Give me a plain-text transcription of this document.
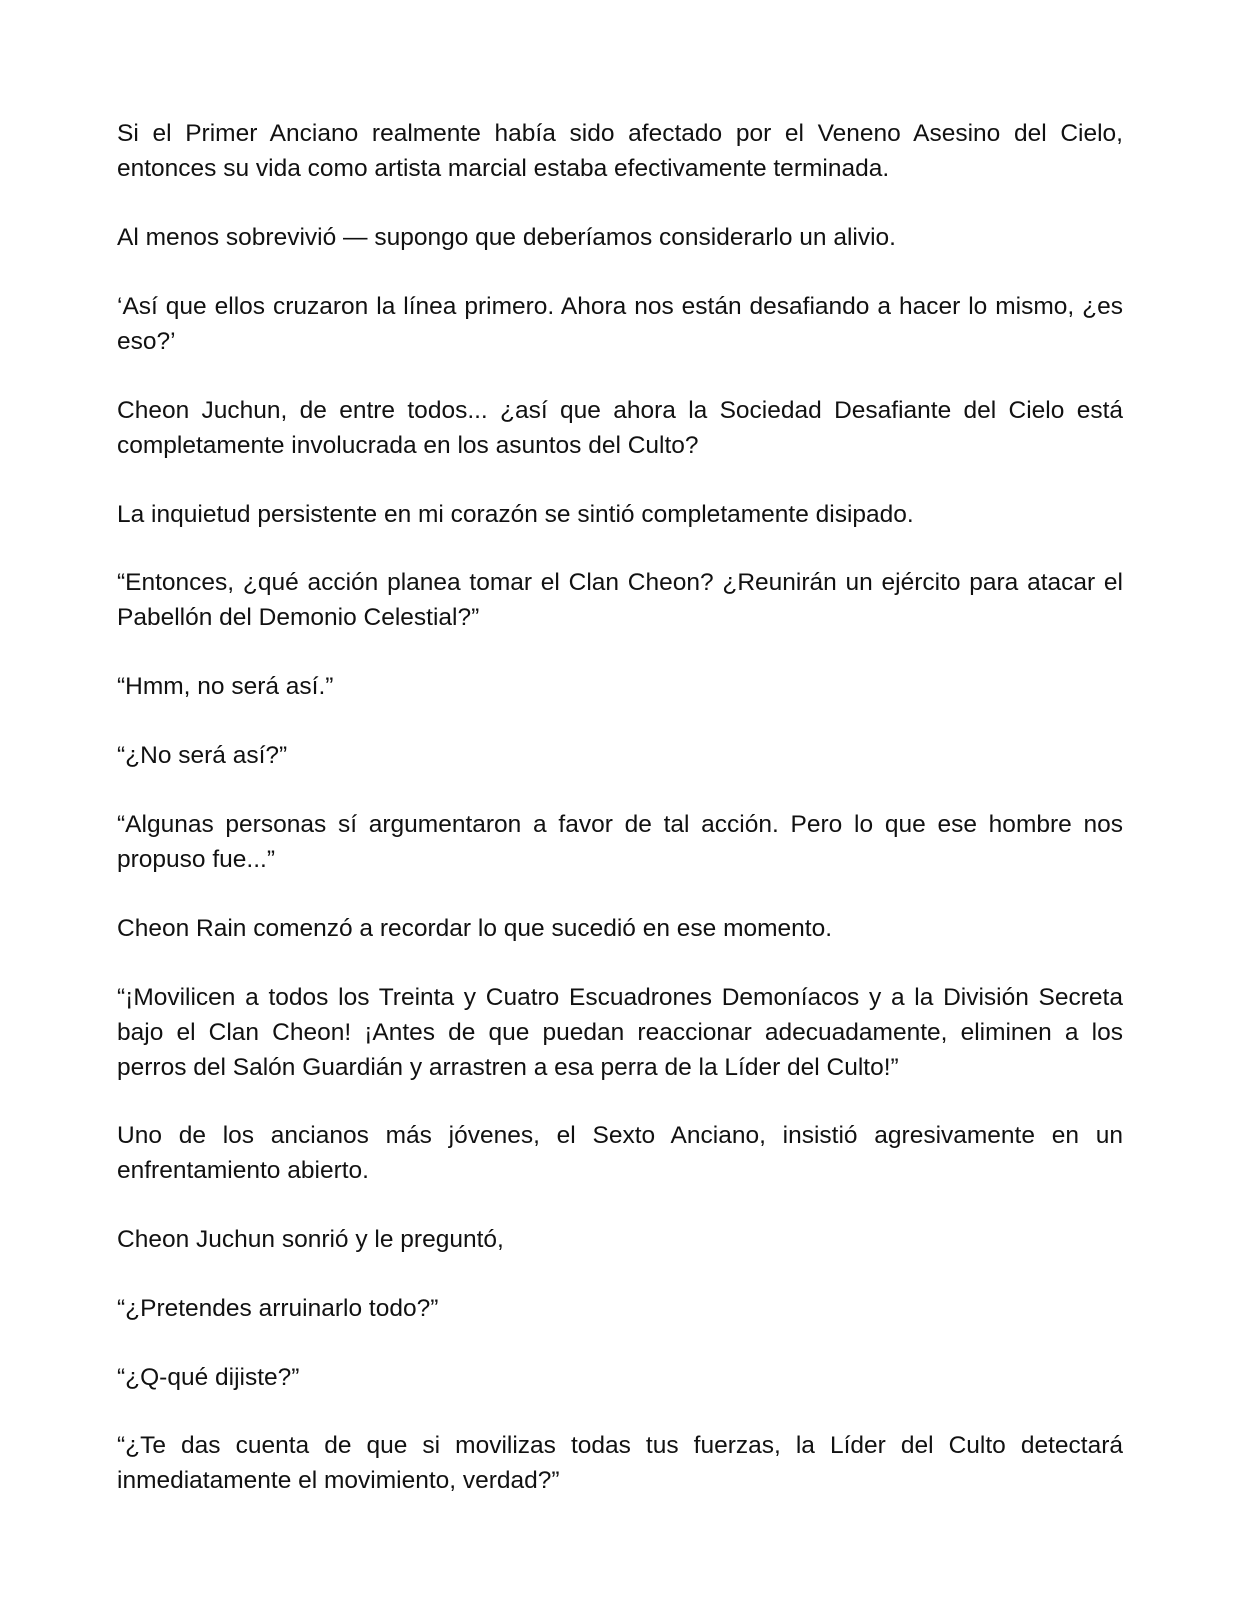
Si el Primer Anciano realmente había sido afectado por el Veneno Asesino del Cielo, entonces su vida como artista marcial estaba efectivamente terminada.

Al menos sobrevivió — supongo que deberíamos considerarlo un alivio.

‘Así que ellos cruzaron la línea primero. Ahora nos están desafiando a hacer lo mismo, ¿es eso?’

Cheon Juchun, de entre todos... ¿así que ahora la Sociedad Desafiante del Cielo está completamente involucrada en los asuntos del Culto?

La inquietud persistente en mi corazón se sintió completamente disipado.

“Entonces, ¿qué acción planea tomar el Clan Cheon? ¿Reunirán un ejército para atacar el Pabellón del Demonio Celestial?”

“Hmm, no será así.”

“¿No será así?”

“Algunas personas sí argumentaron a favor de tal acción. Pero lo que ese hombre nos propuso fue...”

Cheon Rain comenzó a recordar lo que sucedió en ese momento.

“¡Movilicen a todos los Treinta y Cuatro Escuadrones Demoníacos y a la División Secreta bajo el Clan Cheon! ¡Antes de que puedan reaccionar adecuadamente, eliminen a los perros del Salón Guardián y arrastren a esa perra de la Líder del Culto!”

Uno de los ancianos más jóvenes, el Sexto Anciano, insistió agresivamente en un enfrentamiento abierto.

Cheon Juchun sonrió y le preguntó,

“¿Pretendes arruinarlo todo?”

“¿Q-qué dijiste?”

“¿Te das cuenta de que si movilizas todas tus fuerzas, la Líder del Culto detectará inmediatamente el movimiento, verdad?”
